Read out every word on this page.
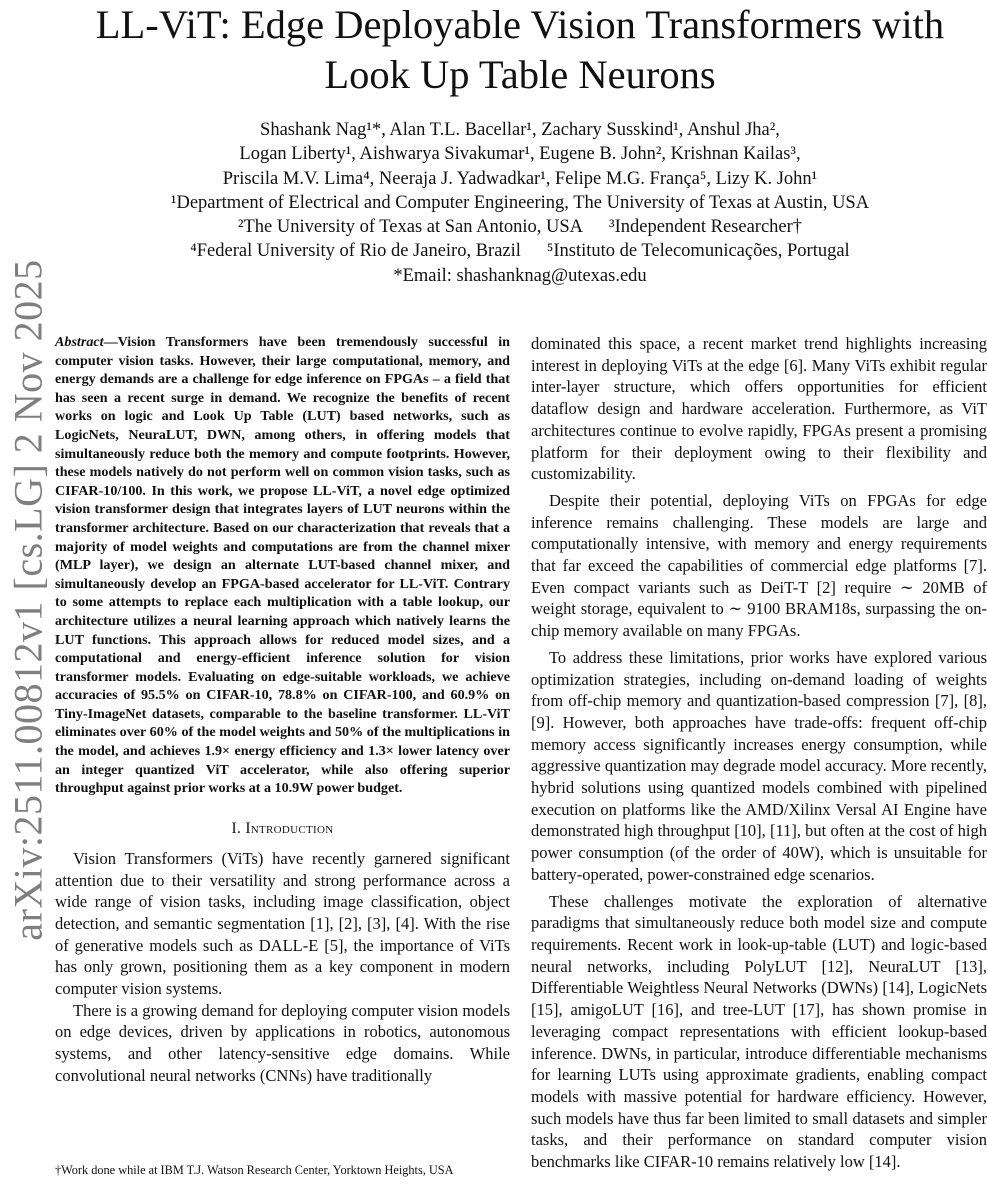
arXiv:2511.00812v1 [cs.LG] 2 Nov 2025
LL-ViT: Edge Deployable Vision Transformers with
Look Up Table Neurons
Shashank Nag¹*, Alan T.L. Bacellar¹, Zachary Susskind¹, Anshul Jha²,
Logan Liberty¹, Aishwarya Sivakumar¹, Eugene B. John², Krishnan Kailas³,
Priscila M.V. Lima⁴, Neeraja J. Yadwadkar¹, Felipe M.G. França⁵, Lizy K. John¹
¹Department of Electrical and Computer Engineering, The University of Texas at Austin, USA
²The University of Texas at San Antonio, USA ³Independent Researcher†
⁴Federal University of Rio de Janeiro, Brazil ⁵Instituto de Telecomunicações, Portugal
*Email: shashanknag@utexas.edu

Abstract—Vision Transformers have been tremendously successful in computer vision tasks. However, their large computational, memory, and energy demands are a challenge for edge inference on FPGAs – a field that has seen a recent surge in demand. We recognize the benefits of recent works on logic and Look Up Table (LUT) based networks, such as LogicNets, NeuraLUT, DWN, among others, in offering models that simultaneously reduce both the memory and compute footprints. However, these models natively do not perform well on common vision tasks, such as CIFAR-10/100. In this work, we propose LL-ViT, a novel edge optimized vision transformer design that integrates layers of LUT neurons within the transformer architecture. Based on our characterization that reveals that a majority of model weights and computations are from the channel mixer (MLP layer), we design an alternate LUT-based channel mixer, and simultaneously develop an FPGA-based accelerator for LL-ViT. Contrary to some attempts to replace each multiplication with a table lookup, our architecture utilizes a neural learning approach which natively learns the LUT functions. This approach allows for reduced model sizes, and a computational and energy-efficient inference solution for vision transformer models. Evaluating on edge-suitable workloads, we achieve accuracies of 95.5% on CIFAR-10, 78.8% on CIFAR-100, and 60.9% on Tiny-ImageNet datasets, comparable to the baseline transformer. LL-ViT eliminates over 60% of the model weights and 50% of the multiplications in the model, and achieves 1.9× energy efficiency and 1.3× lower latency over an integer quantized ViT accelerator, while also offering superior throughput against prior works at a 10.9W power budget.

I. Introduction

Vision Transformers (ViTs) have recently garnered significant attention due to their versatility and strong performance across a wide range of vision tasks, including image classification, object detection, and semantic segmentation [1], [2], [3], [4]. With the rise of generative models such as DALL-E [5], the importance of ViTs has only grown, positioning them as a key component in modern computer vision systems.

There is a growing demand for deploying computer vision models on edge devices, driven by applications in robotics, autonomous systems, and other latency-sensitive edge domains. While convolutional neural networks (CNNs) have traditionally

dominated this space, a recent market trend highlights increasing interest in deploying ViTs at the edge [6]. Many ViTs exhibit regular inter-layer structure, which offers opportunities for efficient dataflow design and hardware acceleration. Furthermore, as ViT architectures continue to evolve rapidly, FPGAs present a promising platform for their deployment owing to their flexibility and customizability.

Despite their potential, deploying ViTs on FPGAs for edge inference remains challenging. These models are large and computationally intensive, with memory and energy requirements that far exceed the capabilities of commercial edge platforms [7]. Even compact variants such as DeiT-T [2] require ∼ 20MB of weight storage, equivalent to ∼ 9100 BRAM18s, surpassing the on-chip memory available on many FPGAs.

To address these limitations, prior works have explored various optimization strategies, including on-demand loading of weights from off-chip memory and quantization-based compression [7], [8], [9]. However, both approaches have trade-offs: frequent off-chip memory access significantly increases energy consumption, while aggressive quantization may degrade model accuracy. More recently, hybrid solutions using quantized models combined with pipelined execution on platforms like the AMD/Xilinx Versal AI Engine have demonstrated high throughput [10], [11], but often at the cost of high power consumption (of the order of 40W), which is unsuitable for battery-operated, power-constrained edge scenarios.

These challenges motivate the exploration of alternative paradigms that simultaneously reduce both model size and compute requirements. Recent work in look-up-table (LUT) and logic-based neural networks, including PolyLUT [12], NeuraLUT [13], Differentiable Weightless Neural Networks (DWNs) [14], LogicNets [15], amigoLUT [16], and tree-LUT [17], has shown promise in leveraging compact representations with efficient lookup-based inference. DWNs, in particular, introduce differentiable mechanisms for learning LUTs using approximate gradients, enabling compact models with massive potential for hardware efficiency. However, such models have thus far been limited to small datasets and simpler tasks, and their performance on standard computer vision benchmarks like CIFAR-10 remains relatively low [14].

†Work done while at IBM T.J. Watson Research Center, Yorktown Heights, USA
